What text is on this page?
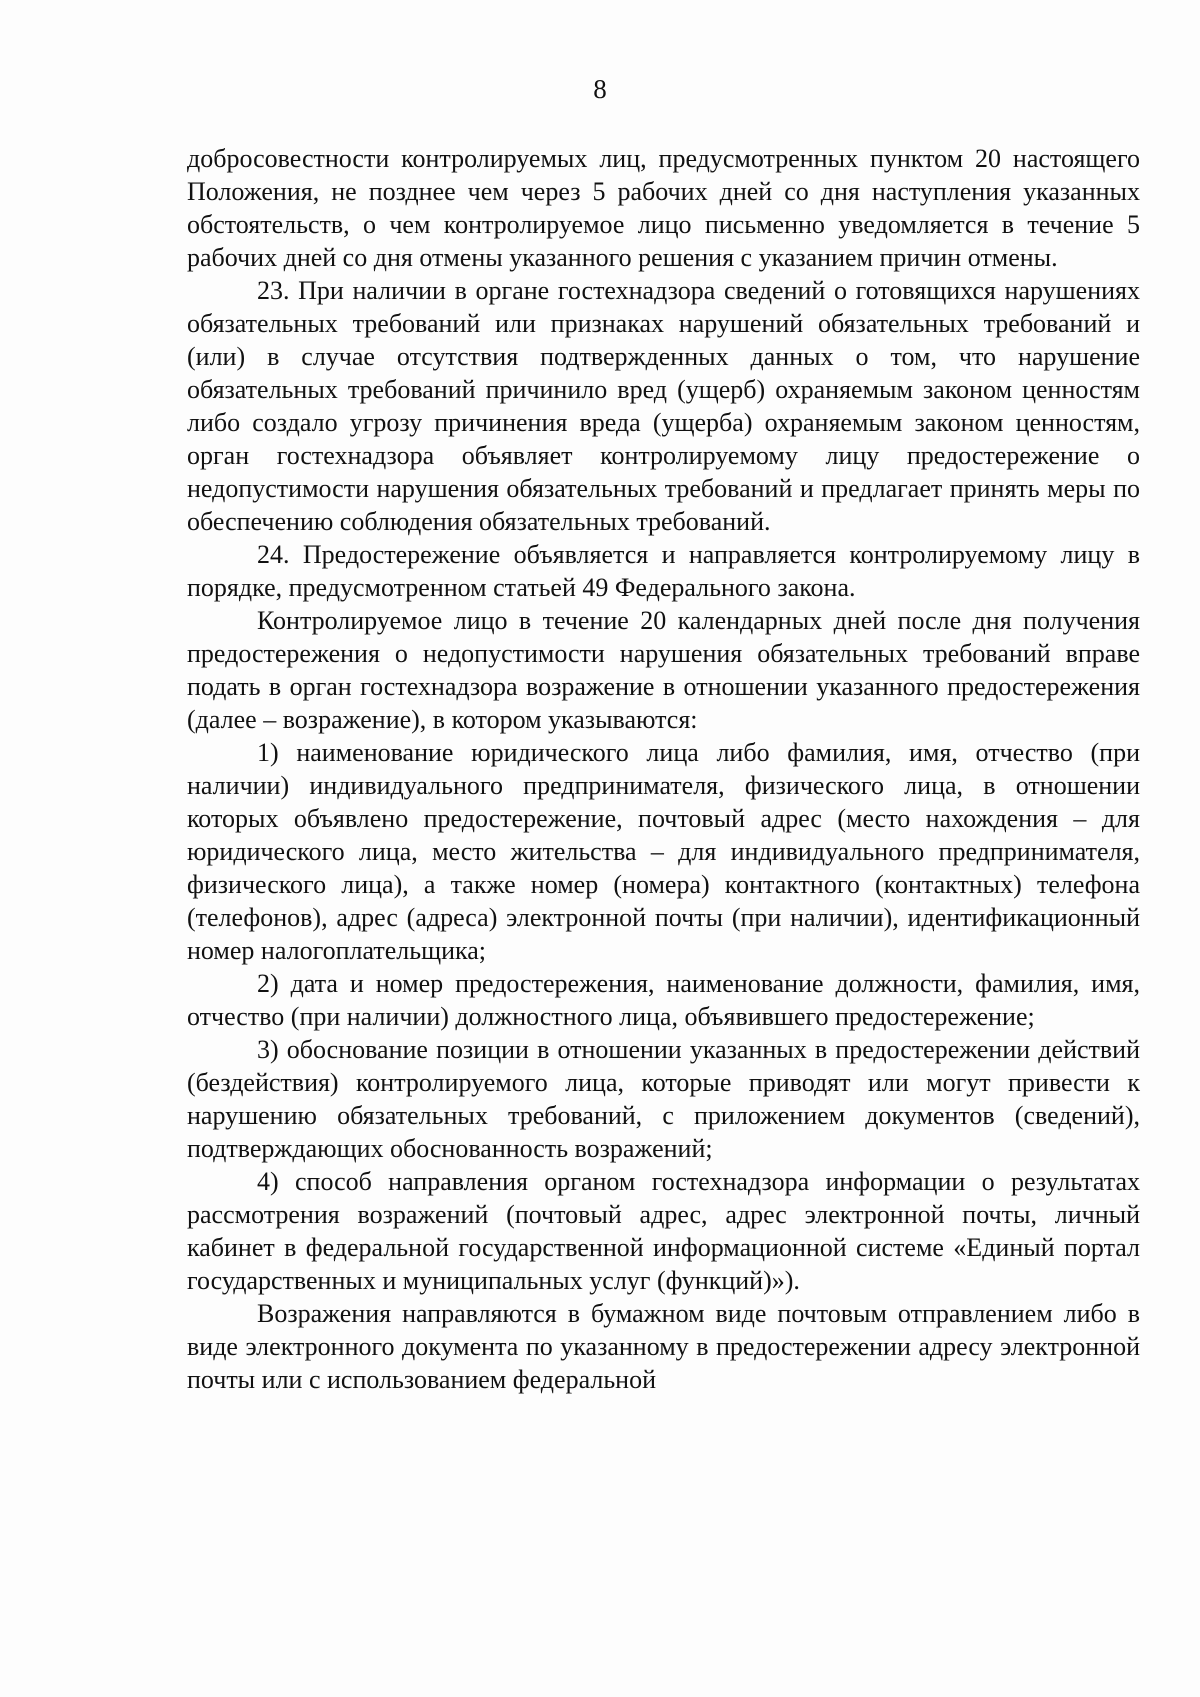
8

добросовестности контролируемых лиц, предусмотренных пунктом 20 настоящего Положения, не позднее чем через 5 рабочих дней со дня наступления указанных обстоятельств, о чем контролируемое лицо письменно уведомляется в течение 5 рабочих дней со дня отмены указанного решения с указанием причин отмены.

23. При наличии в органе гостехнадзора сведений о готовящихся нарушениях обязательных требований или признаках нарушений обязательных требований и (или) в случае отсутствия подтвержденных данных о том, что нарушение обязательных требований причинило вред (ущерб) охраняемым законом ценностям либо создало угрозу причинения вреда (ущерба) охраняемым законом ценностям, орган гостехнадзора объявляет контролируемому лицу предостережение о недопустимости нарушения обязательных требований и предлагает принять меры по обеспечению соблюдения обязательных требований.

24. Предостережение объявляется и направляется контролируемому лицу в порядке, предусмотренном статьей 49 Федерального закона.

Контролируемое лицо в течение 20 календарных дней после дня получения предостережения о недопустимости нарушения обязательных требований вправе подать в орган гостехнадзора возражение в отношении указанного предостережения (далее – возражение), в котором указываются:

1) наименование юридического лица либо фамилия, имя, отчество (при наличии) индивидуального предпринимателя, физического лица, в отношении которых объявлено предостережение, почтовый адрес (место нахождения – для юридического лица, место жительства – для индивидуального предпринимателя, физического лица), а также номер (номера) контактного (контактных) телефона (телефонов), адрес (адреса) электронной почты (при наличии), идентификационный номер налогоплательщика;

2) дата и номер предостережения, наименование должности, фамилия, имя, отчество (при наличии) должностного лица, объявившего предостережение;

3) обоснование позиции в отношении указанных в предостережении действий (бездействия) контролируемого лица, которые приводят или могут привести к нарушению обязательных требований, с приложением документов (сведений), подтверждающих обоснованность возражений;

4) способ направления органом гостехнадзора информации о результатах рассмотрения возражений (почтовый адрес, адрес электронной почты, личный кабинет в федеральной государственной информационной системе «Единый портал государственных и муниципальных услуг (функций)»).

Возражения направляются в бумажном виде почтовым отправлением либо в виде электронного документа по указанному в предостережении адресу электронной почты или с использованием федеральной
